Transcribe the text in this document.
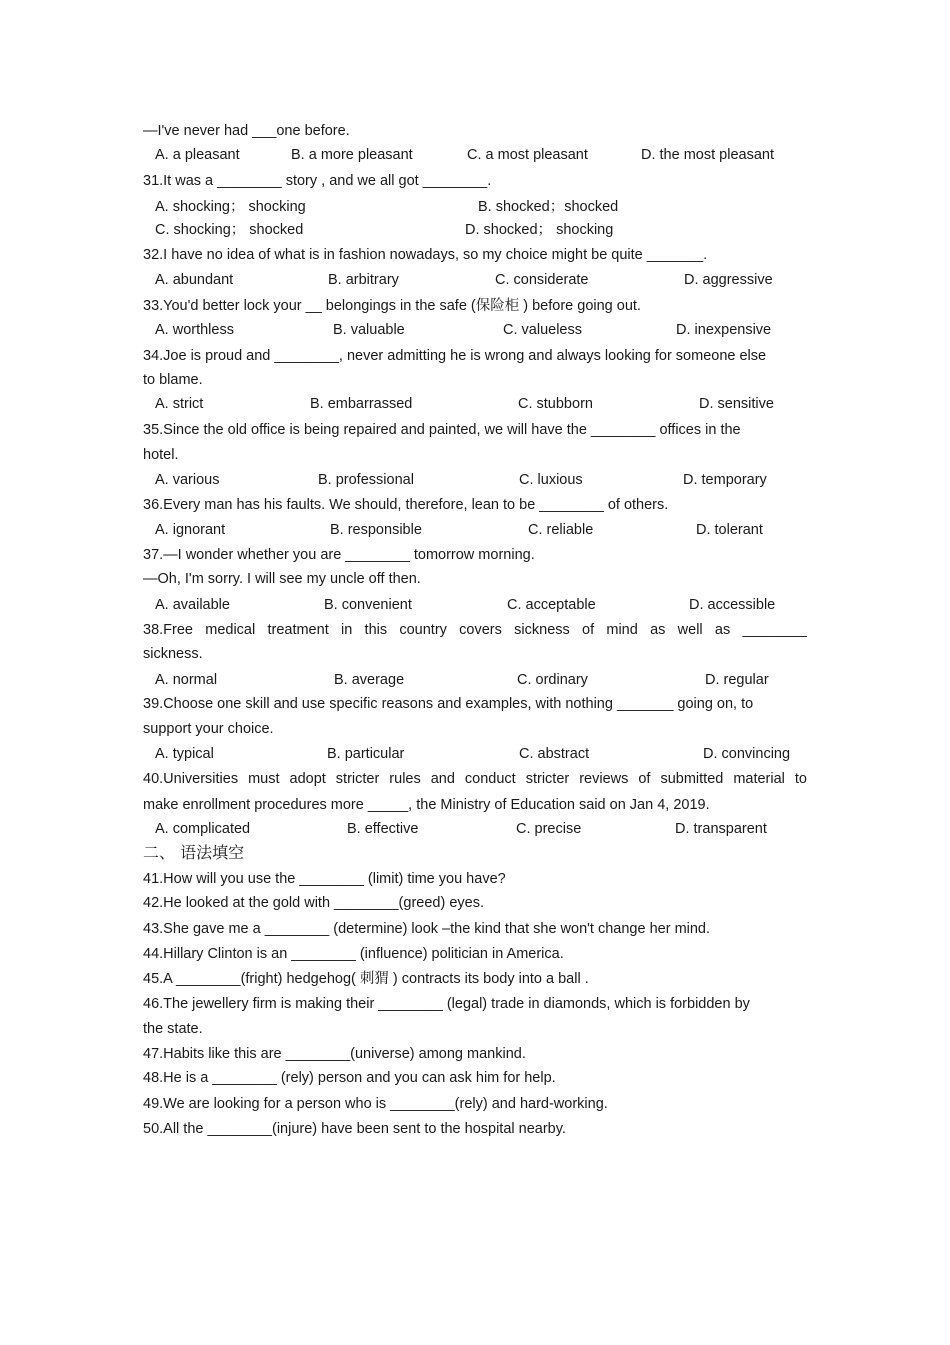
—I've never had ___one before.
A. a pleasant	B. a more pleasant	C. a most pleasant	D. the most pleasant
31.It was a ________ story , and we all got ________.
A. shocking； shocking	B. shocked；shocked
C. shocking； shocked	D. shocked； shocking
32.I have no idea of what is in fashion nowadays, so my choice might be quite _______.
A. abundant	B. arbitrary	C. considerate	D. aggressive
33.You'd better lock your __ belongings in the safe (保险柜 ) before going out.
A. worthless	B. valuable	C. valueless	D. inexpensive
34.Joe is proud and ________, never admitting he is wrong and always looking for someone else
to blame.
A. strict	B. embarrassed	C. stubborn	D. sensitive
35.Since the old office is being repaired and painted, we will have the ________ offices in the
hotel.
A. various	B. professional	C. luxious	D. temporary
36.Every man has his faults. We should, therefore, lean to be ________ of others.
A. ignorant	B. responsible	C. reliable	D. tolerant
37.—I wonder whether you are ________ tomorrow morning.
—Oh, I'm sorry. I will see my uncle off then.
A. available	B. convenient	C. acceptable	D. accessible
38.Free medical treatment in this country covers sickness of mind as well as ________
sickness.
A. normal	B. average	C. ordinary	D. regular
39.Choose one skill and use specific reasons and examples, with nothing _______ going on, to
support your choice.
A. typical	B. particular	C. abstract	D. convincing
40.Universities must adopt stricter rules and conduct stricter reviews of submitted material to
make enrollment procedures more _____, the Ministry of Education said on Jan 4, 2019.
A. complicated	B. effective	C. precise	D. transparent
二、 语法填空
41.How will you use the ________ (limit) time you have?
42.He looked at the gold with ________(greed) eyes.
43.She gave me a ________ (determine) look –the kind that she won't change her mind.
44.Hillary Clinton is an ________ (influence) politician in America.
45.A ________(fright) hedgehog( 刺猬 ) contracts its body into a ball .
46.The jewellery firm is making their ________ (legal) trade in diamonds, which is forbidden by
the state.
47.Habits like this are ________(universe) among mankind.
48.He is a ________ (rely) person and you can ask him for help.
49.We are looking for a person who is ________(rely) and hard-working.
50.All the ________(injure) have been sent to the hospital nearby.
